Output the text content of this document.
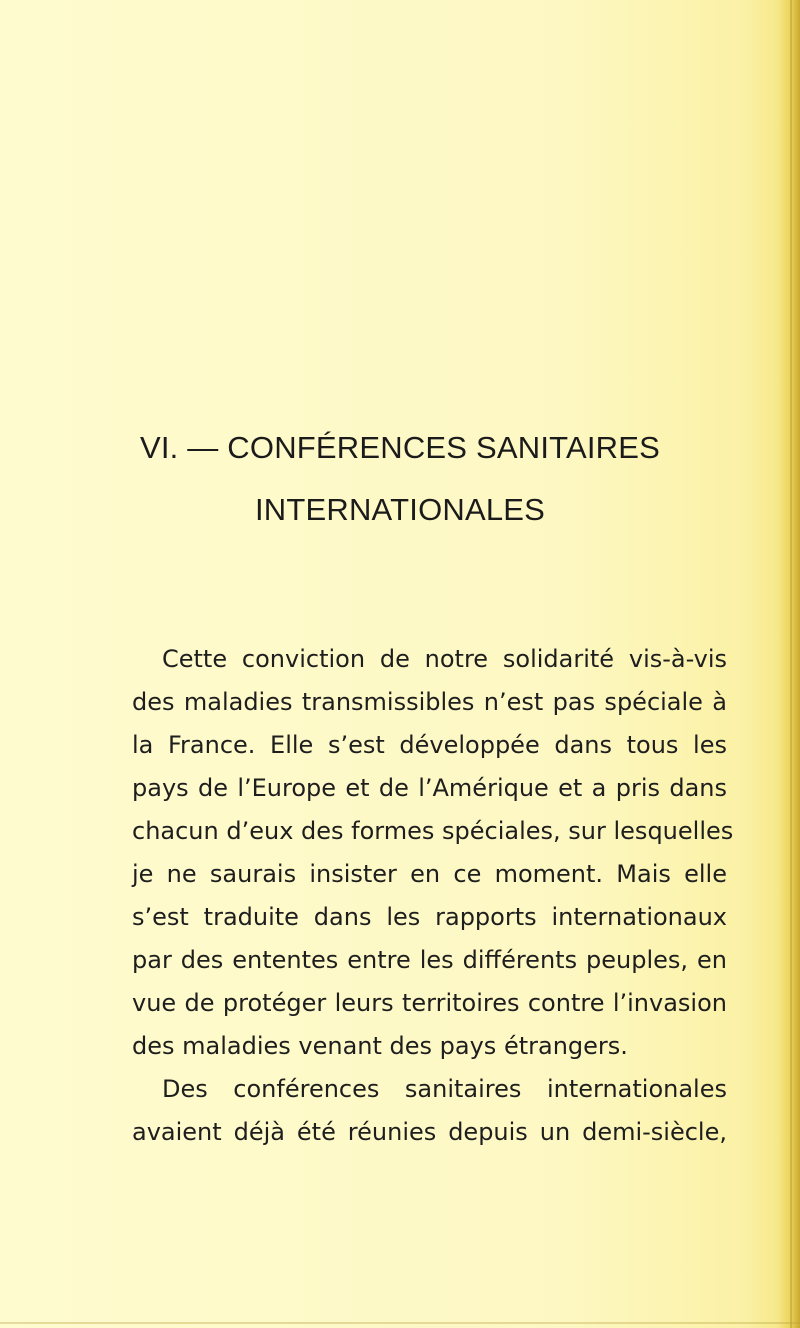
VI. — CONFÉRENCES SANITAIRES
INTERNATIONALES
Cette conviction de notre solidarité vis-à-vis
des maladies transmissibles n’est pas spéciale à
la France. Elle s’est développée dans tous les
pays de l’Europe et de l’Amérique et a pris dans
chacun d’eux des formes spéciales, sur lesquelles
je ne saurais insister en ce moment. Mais elle
s’est traduite dans les rapports internationaux
par des ententes entre les différents peuples, en
vue de protéger leurs territoires contre l’invasion
des maladies venant des pays étrangers.
Des conférences sanitaires internationales
avaient déjà été réunies depuis un demi-siècle,
